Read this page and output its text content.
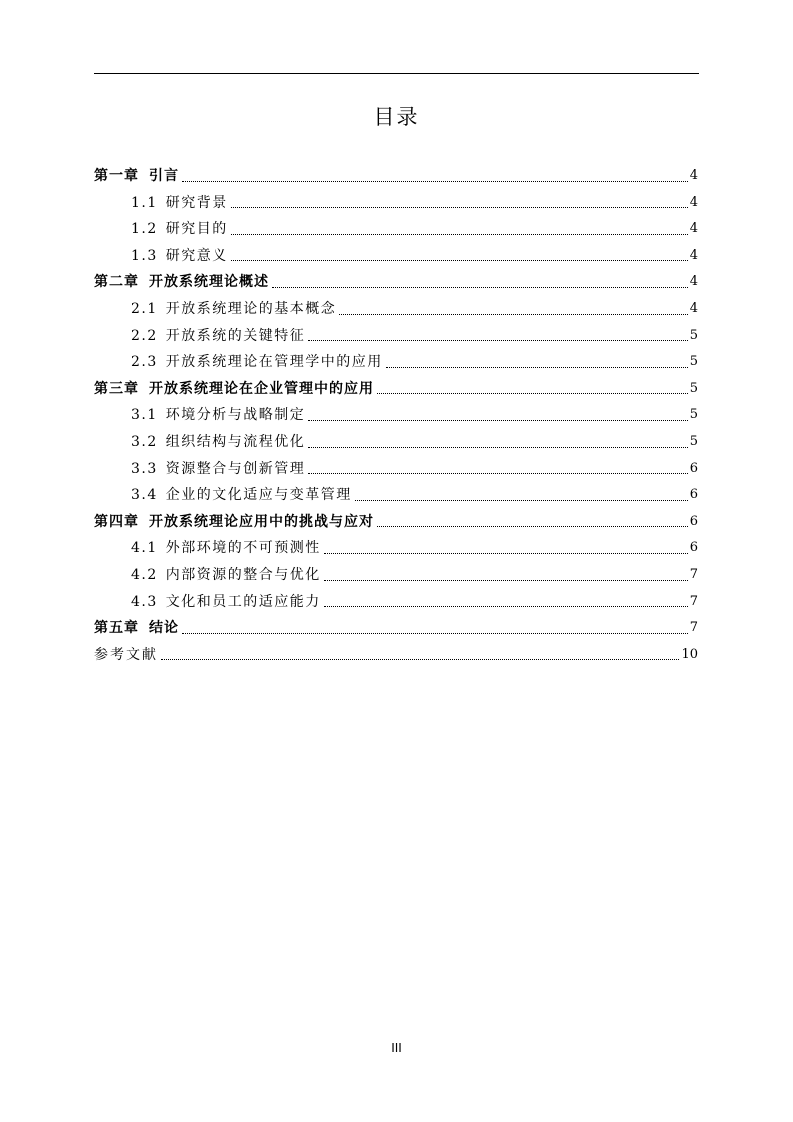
目录
第一章 引言	4
1.1 研究背景	4
1.2 研究目的	4
1.3 研究意义	4
第二章 开放系统理论概述	4
2.1 开放系统理论的基本概念	4
2.2 开放系统的关键特征	5
2.3 开放系统理论在管理学中的应用	5
第三章 开放系统理论在企业管理中的应用	5
3.1 环境分析与战略制定	5
3.2 组织结构与流程优化	5
3.3 资源整合与创新管理	6
3.4 企业的文化适应与变革管理	6
第四章 开放系统理论应用中的挑战与应对	6
4.1 外部环境的不可预测性	6
4.2 内部资源的整合与优化	7
4.3 文化和员工的适应能力	7
第五章 结论	7
参考文献	10
III
